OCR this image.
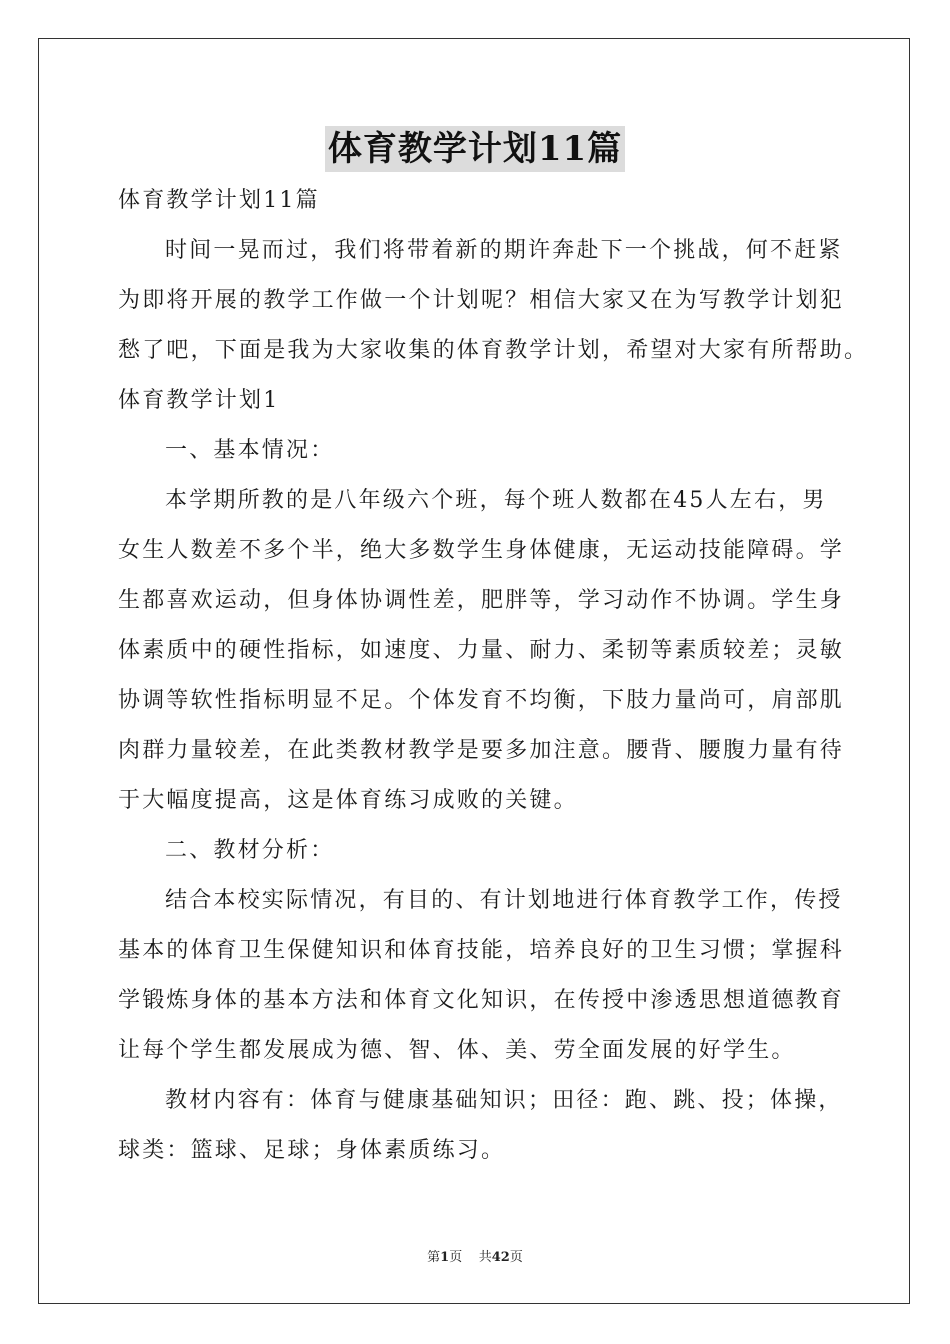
体育教学计划11篇
体育教学计划11篇
时间一晃而过，我们将带着新的期许奔赴下一个挑战，何不赶紧
为即将开展的教学工作做一个计划呢？相信大家又在为写教学计划犯
愁了吧，下面是我为大家收集的体育教学计划，希望对大家有所帮助。
体育教学计划1
一、基本情况：
本学期所教的是八年级六个班，每个班人数都在45人左右，男
女生人数差不多个半，绝大多数学生身体健康，无运动技能障碍。学
生都喜欢运动，但身体协调性差，肥胖等，学习动作不协调。学生身
体素质中的硬性指标，如速度、力量、耐力、柔韧等素质较差；灵敏
协调等软性指标明显不足。个体发育不均衡，下肢力量尚可，肩部肌
肉群力量较差，在此类教材教学是要多加注意。腰背、腰腹力量有待
于大幅度提高，这是体育练习成败的关键。
二、教材分析：
结合本校实际情况，有目的、有计划地进行体育教学工作，传授
基本的体育卫生保健知识和体育技能，培养良好的卫生习惯；掌握科
学锻炼身体的基本方法和体育文化知识，在传授中渗透思想道德教育
让每个学生都发展成为德、智、体、美、劳全面发展的好学生。
教材内容有：体育与健康基础知识；田径：跑、跳、投；体操，
球类：篮球、足球；身体素质练习。
第1页 共42页
